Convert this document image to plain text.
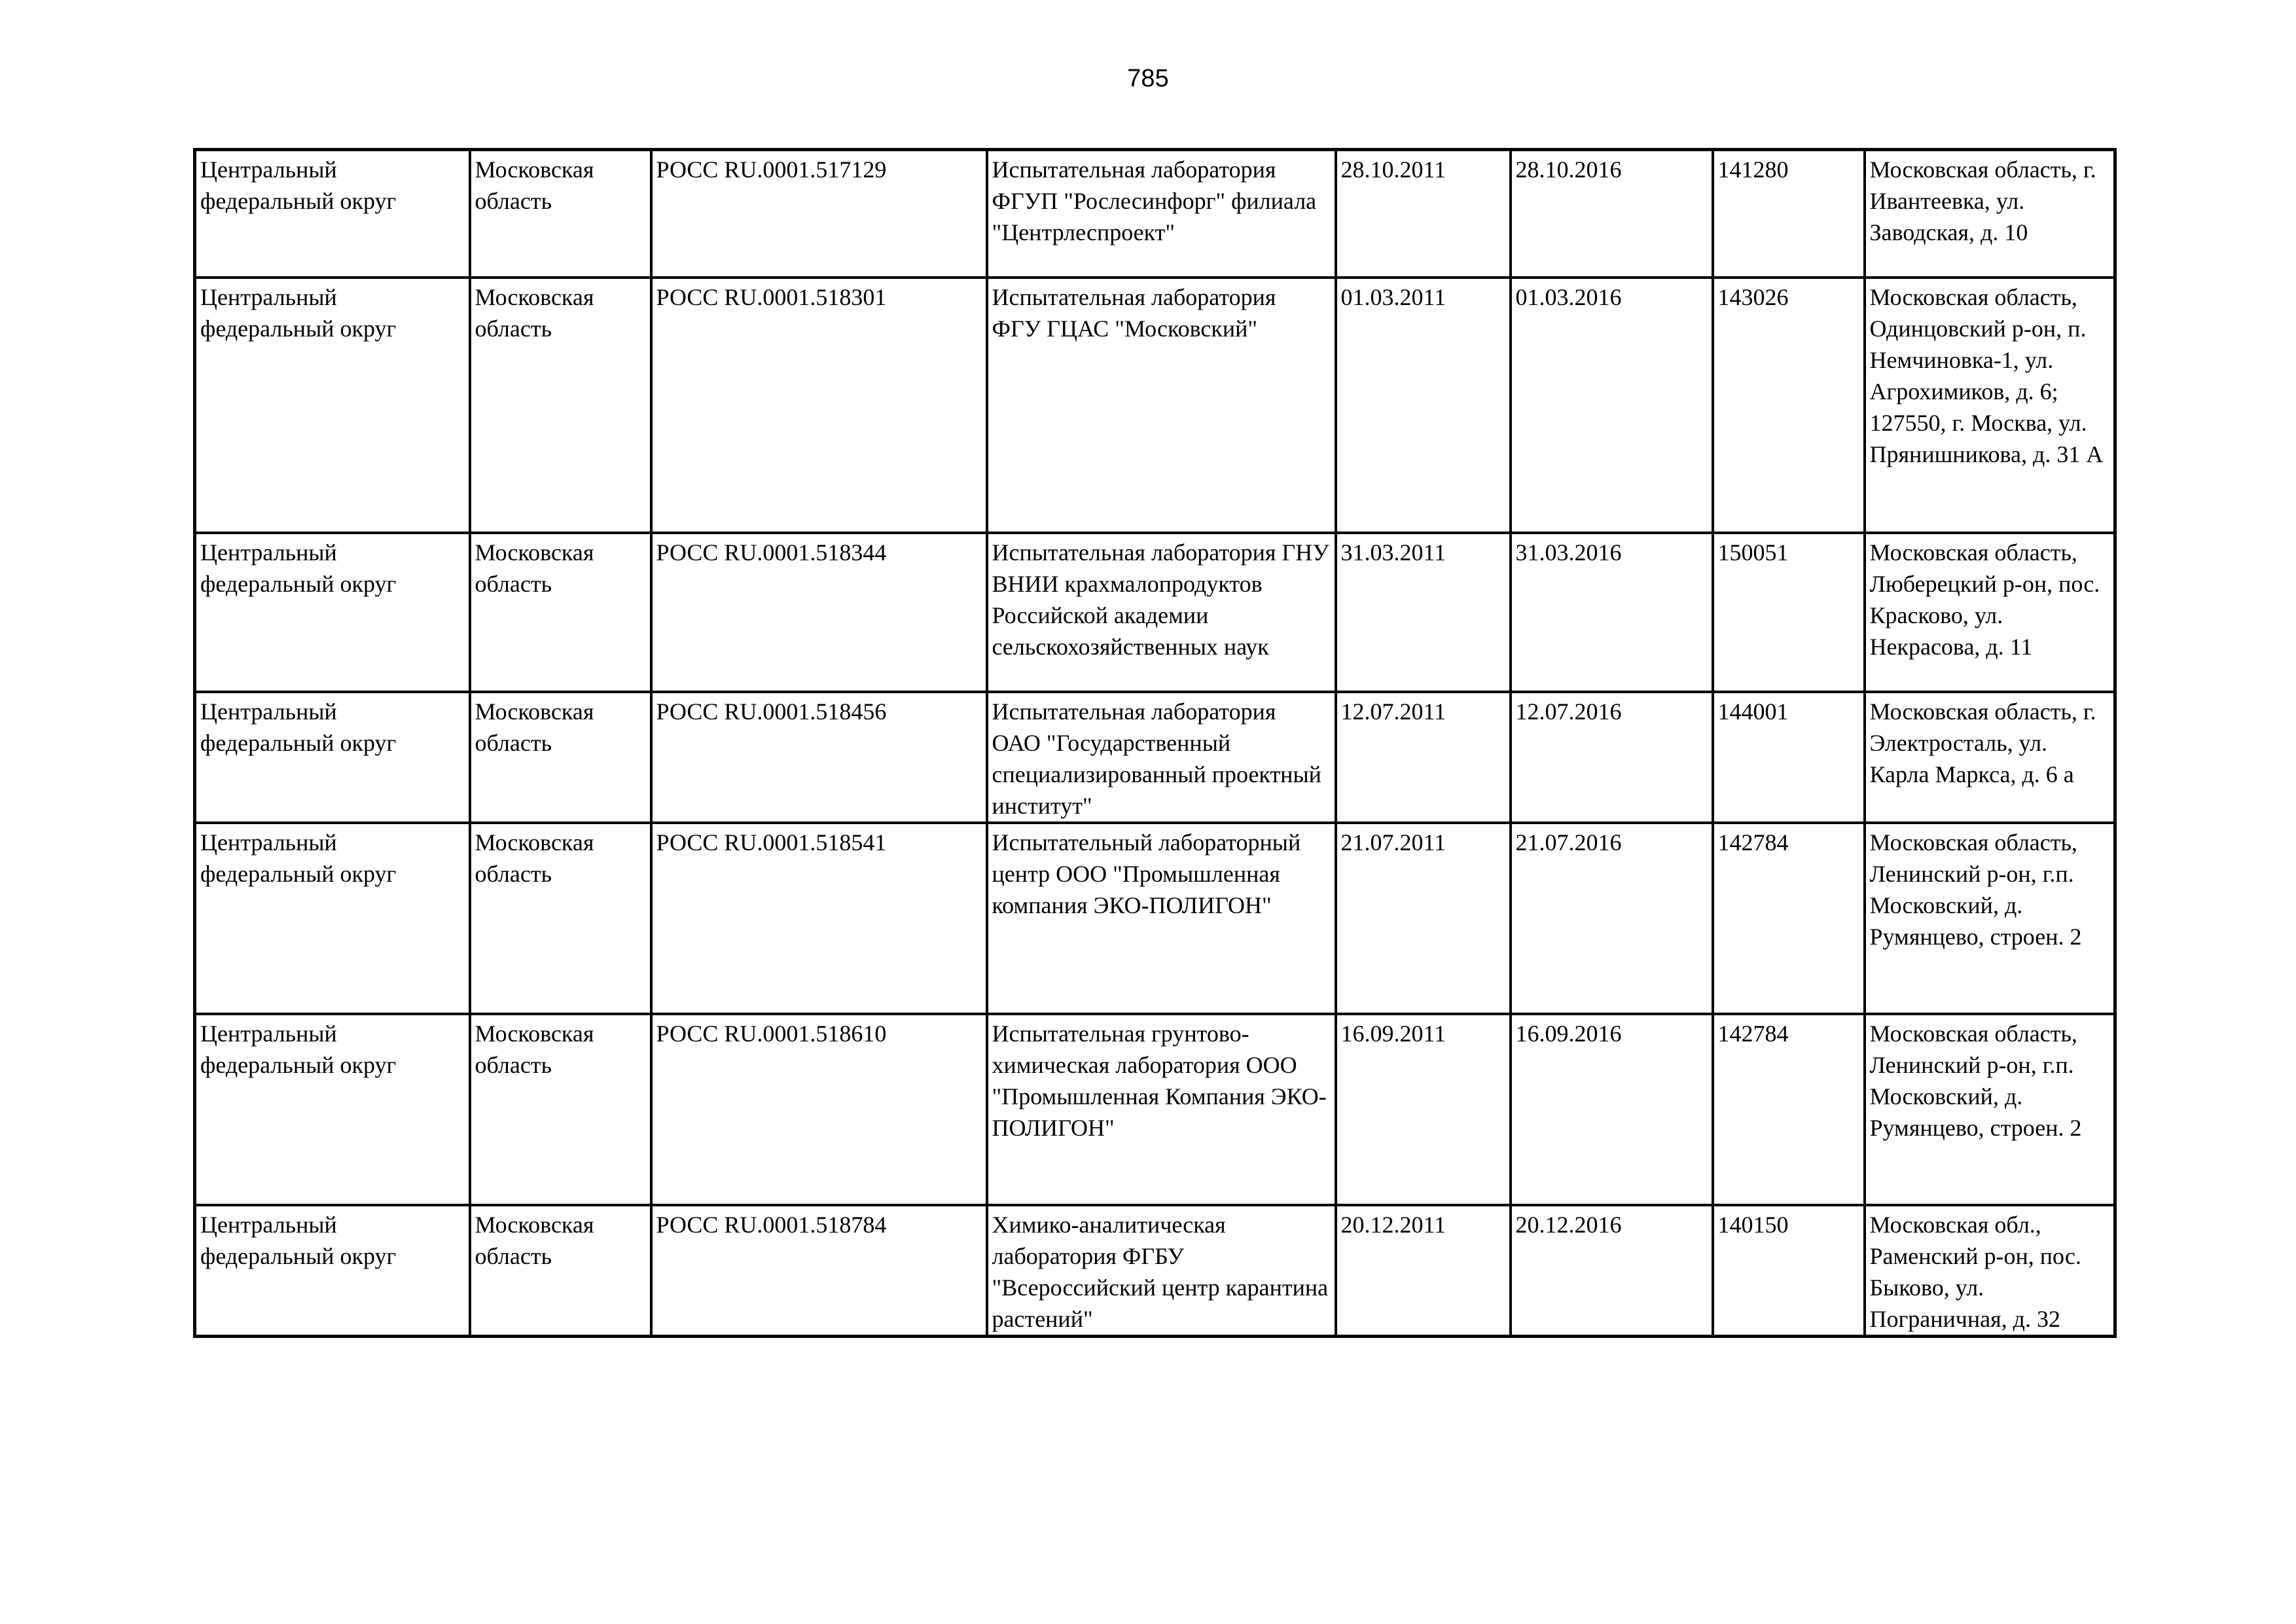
785
Центральный федеральный округ	Московская область	РОСС RU.0001.517129	Испытательная лаборатория ФГУП "Рослесинфорг" филиала "Центрлеспроект"	28.10.2011	28.10.2016	141280	Московская область, г. Ивантеевка, ул. Заводская, д. 10
Центральный федеральный округ	Московская область	РОСС RU.0001.518301	Испытательная лаборатория ФГУ ГЦАС "Московский"	01.03.2011	01.03.2016	143026	Московская область, Одинцовский р-он, п. Немчиновка-1, ул. Агрохимиков, д. 6; 127550, г. Москва, ул. Прянишникова, д. 31 А
Центральный федеральный округ	Московская область	РОСС RU.0001.518344	Испытательная лаборатория ГНУ ВНИИ крахмалопродуктов Российской академии сельскохозяйственных наук	31.03.2011	31.03.2016	150051	Московская область, Люберецкий р-он, пос. Красково, ул. Некрасова, д. 11
Центральный федеральный округ	Московская область	РОСС RU.0001.518456	Испытательная лаборатория ОАО "Государственный специализированный проектный институт"	12.07.2011	12.07.2016	144001	Московская область, г. Электросталь, ул. Карла Маркса, д. 6 а
Центральный федеральный округ	Московская область	РОСС RU.0001.518541	Испытательный лабораторный центр ООО "Промышленная компания ЭКО-ПОЛИГОН"	21.07.2011	21.07.2016	142784	Московская область, Ленинский р-он, г.п. Московский, д. Румянцево, строен. 2
Центральный федеральный округ	Московская область	РОСС RU.0001.518610	Испытательная грунтово-химическая лаборатория ООО "Промышленная Компания ЭКО-ПОЛИГОН"	16.09.2011	16.09.2016	142784	Московская область, Ленинский р-он, г.п. Московский, д. Румянцево, строен. 2
Центральный федеральный округ	Московская область	РОСС RU.0001.518784	Химико-аналитическая лаборатория ФГБУ "Всероссийский центр карантина растений"	20.12.2011	20.12.2016	140150	Московская обл., Раменский р-он, пос. Быково, ул. Пограничная, д. 32
